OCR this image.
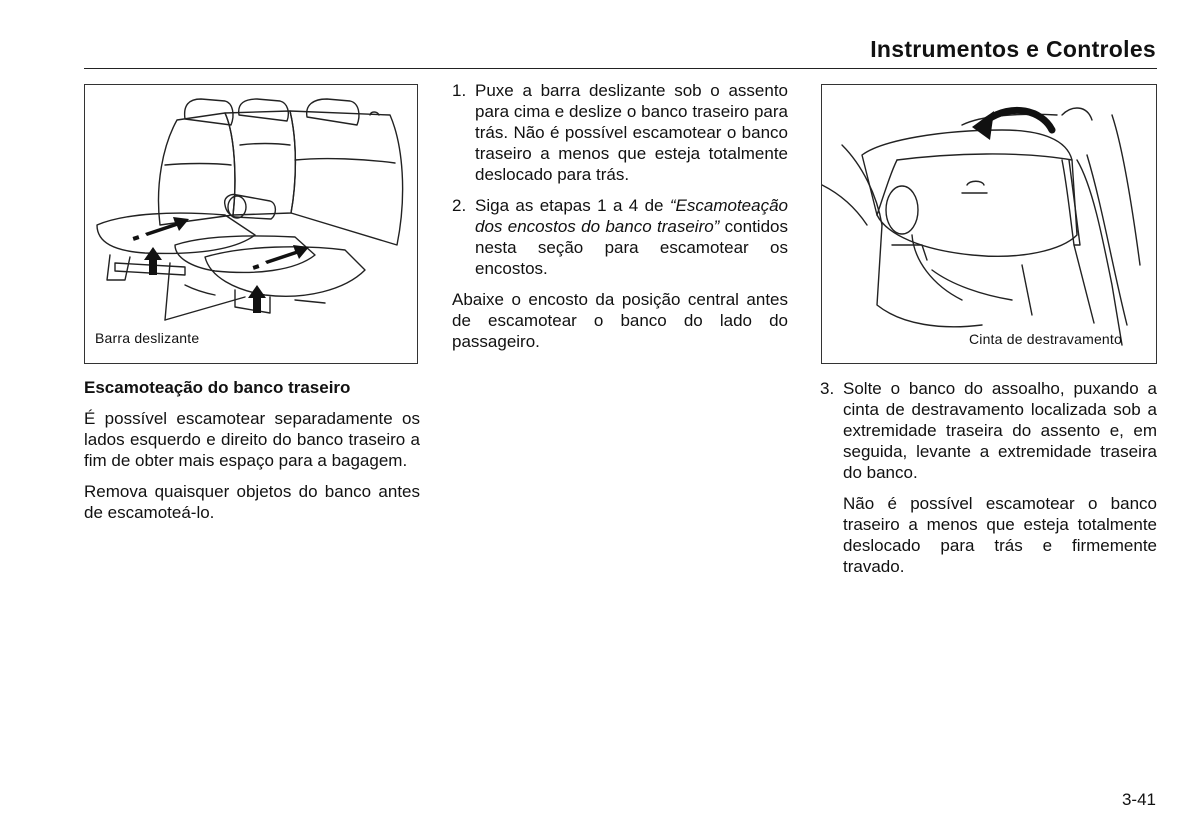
Instrumentos e Controles
Barra deslizante	Cinta de destravamento
Escamoteação do banco traseiro

É possível escamotear separadamente os lados esquerdo e direito do banco traseiro a fim de obter mais espaço para a bagagem.

Remova quaisquer objetos do banco antes de escamoteá-lo.

1. Puxe a barra deslizante sob o assento para cima e deslize o banco traseiro para trás. Não é possível escamotear o banco traseiro a menos que esteja totalmente deslocado para trás.
2. Siga as etapas 1 a 4 de “Escamoteação dos encostos do banco traseiro” contidos nesta seção para escamotear os encostos.

Abaixe o encosto da posição central antes de escamotear o banco do lado do passageiro.

3. Solte o banco do assoalho, puxando a cinta de destravamento localizada sob a extremidade traseira do assento e, em seguida, levante a extremidade traseira do banco.

Não é possível escamotear o banco traseiro a menos que esteja totalmente deslocado para trás e firmemente travado.

3-41
